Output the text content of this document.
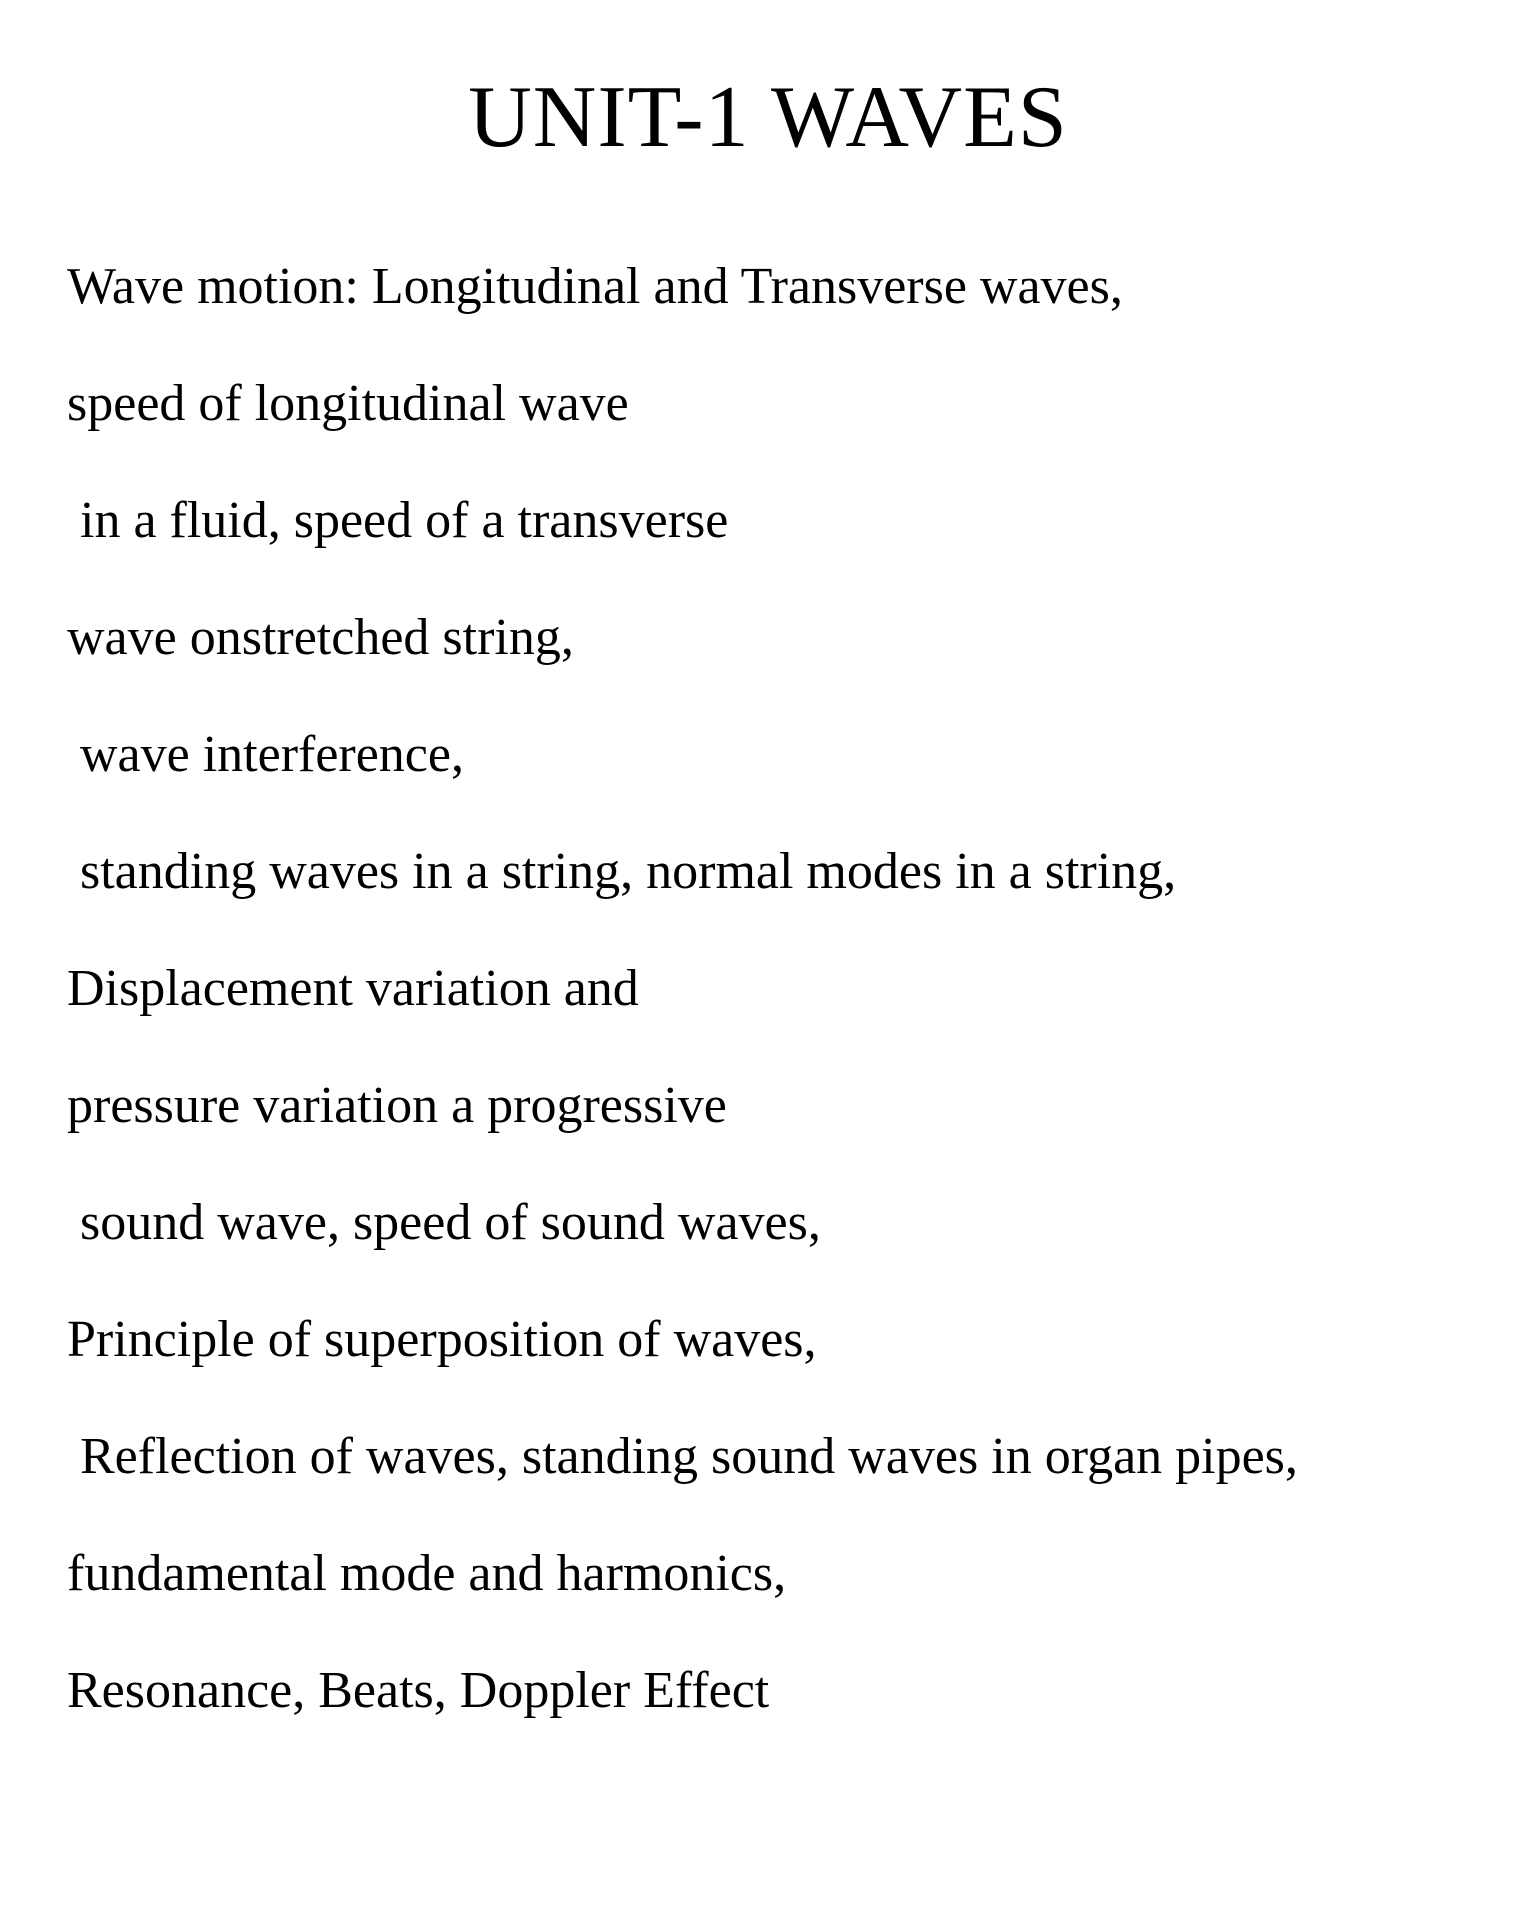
UNIT-1 WAVES
Wave motion: Longitudinal and Transverse waves,
speed of longitudinal wave
in a fluid, speed of a transverse
wave onstretched string,
wave interference,
standing waves in a string, normal modes in a string,
Displacement variation and
pressure variation a progressive
sound wave, speed of sound waves,
Principle of superposition of waves,
Reflection of waves, standing sound waves in organ pipes,
fundamental mode and harmonics,
Resonance, Beats, Doppler Effect
